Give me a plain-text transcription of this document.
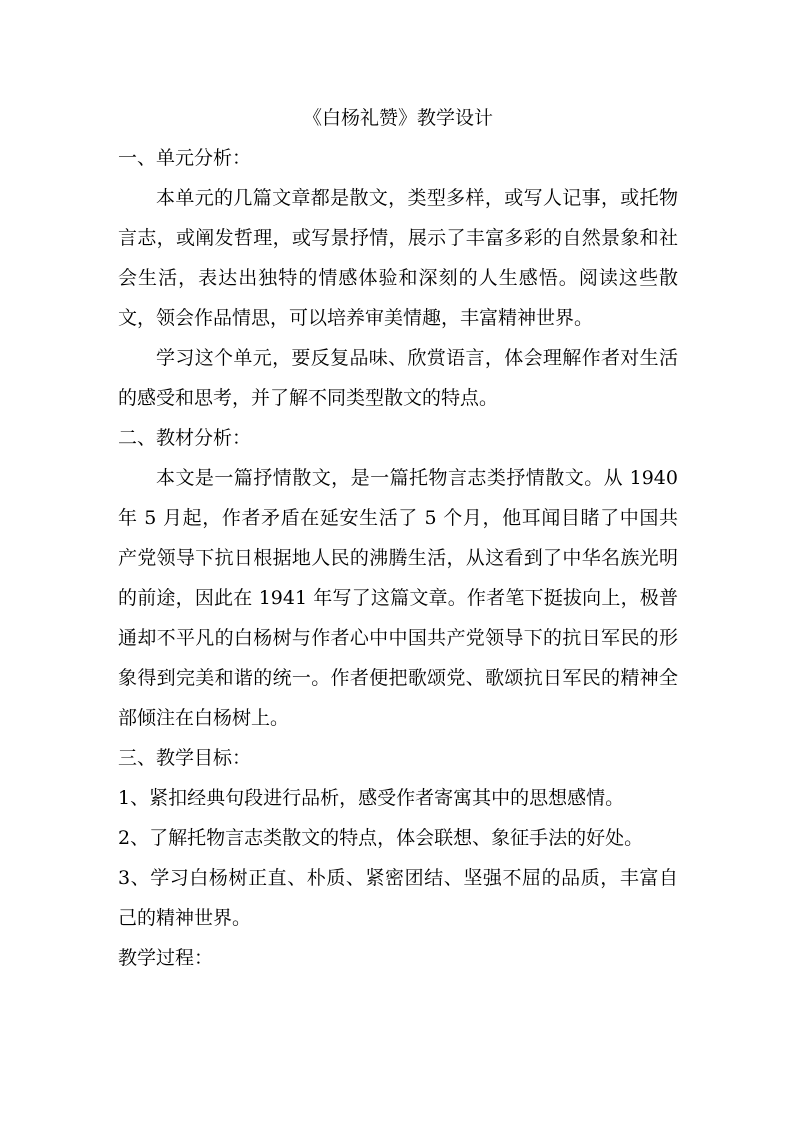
《白杨礼赞》教学设计
一、单元分析：

本单元的几篇文章都是散文，类型多样，或写人记事，或托物言志，或阐发哲理，或写景抒情，展示了丰富多彩的自然景象和社会生活，表达出独特的情感体验和深刻的人生感悟。阅读这些散文，领会作品情思，可以培养审美情趣，丰富精神世界。

学习这个单元，要反复品味、欣赏语言，体会理解作者对生活的感受和思考，并了解不同类型散文的特点。

二、教材分析：

本文是一篇抒情散文，是一篇托物言志类抒情散文。从 1940 年 5 月起，作者矛盾在延安生活了 5 个月，他耳闻目睹了中国共产党领导下抗日根据地人民的沸腾生活，从这看到了中华名族光明的前途，因此在 1941 年写了这篇文章。作者笔下挺拔向上，极普通却不平凡的白杨树与作者心中中国共产党领导下的抗日军民的形象得到完美和谐的统一。作者便把歌颂党、歌颂抗日军民的精神全部倾注在白杨树上。

三、教学目标：
1、紧扣经典句段进行品析，感受作者寄寓其中的思想感情。
2、了解托物言志类散文的特点，体会联想、象征手法的好处。

3、学习白杨树正直、朴质、紧密团结、坚强不屈的品质，丰富自己的精神世界。

教学过程：
